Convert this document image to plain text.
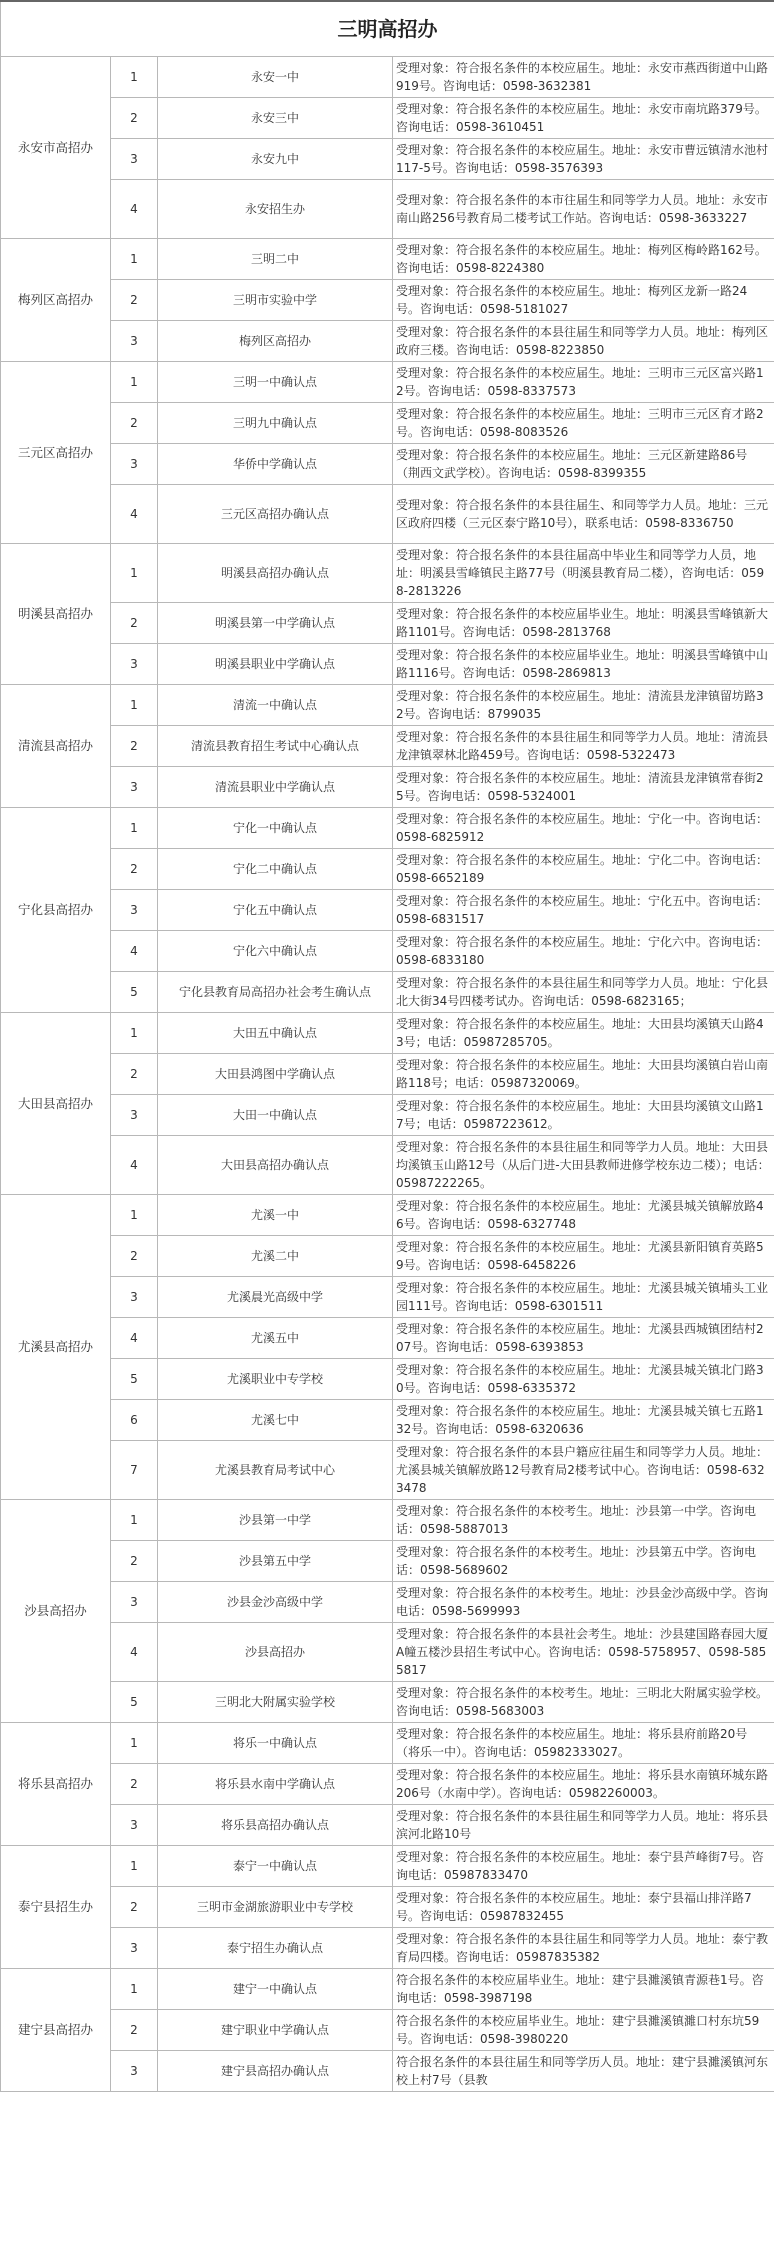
三明高招办			
永安市高招办	1	永安一中	受理对象：符合报名条件的本校应届生。地址：永安市燕西街道中山路919号。咨询电话：0598-3632381
	2	永安三中	受理对象：符合报名条件的本校应届生。地址：永安市南坑路379号。咨询电话：0598-3610451
	3	永安九中	受理对象：符合报名条件的本校应届生。地址：永安市曹远镇清水池村117-5号。咨询电话：0598-3576393
	4	永安招生办	受理对象：符合报名条件的本市往届生和同等学力人员。地址：永安市南山路256号教育局二楼考试工作站。咨询电话：0598-3633227
梅列区高招办	1	三明二中	受理对象：符合报名条件的本校应届生。地址：梅列区梅岭路162号。咨询电话：0598-8224380
	2	三明市实验中学	受理对象：符合报名条件的本校应届生。地址：梅列区龙新一路24号。咨询电话：0598-5181027
	3	梅列区高招办	受理对象：符合报名条件的本县往届生和同等学力人员。地址：梅列区政府三楼。咨询电话：0598-8223850
三元区高招办	1	三明一中确认点	受理对象：符合报名条件的本校应届生。地址：三明市三元区富兴路12号。咨询电话：0598-8337573
	2	三明九中确认点	受理对象：符合报名条件的本校应届生。地址：三明市三元区育才路2号。咨询电话：0598-8083526
	3	华侨中学确认点	受理对象：符合报名条件的本校应届生。地址：三元区新建路86号（荆西文武学校）。咨询电话：0598-8399355
	4	三元区高招办确认点	受理对象：符合报名条件的本县往届生、和同等学力人员。地址：三元区政府四楼（三元区泰宁路10号），联系电话：0598-8336750
明溪县高招办	1	明溪县高招办确认点	受理对象：符合报名条件的本县往届高中毕业生和同等学力人员，地址：明溪县雪峰镇民主路77号（明溪县教育局二楼），咨询电话：0598-2813226
	2	明溪县第一中学确认点	受理对象：符合报名条件的本校应届毕业生。地址：明溪县雪峰镇新大路1101号。咨询电话：0598-2813768
	3	明溪县职业中学确认点	受理对象：符合报名条件的本校应届毕业生。地址：明溪县雪峰镇中山路1116号。咨询电话：0598-2869813
清流县高招办	1	清流一中确认点	受理对象：符合报名条件的本校应届生。地址：清流县龙津镇留坊路32号。咨询电话：8799035
	2	清流县教育招生考试中心确认点	受理对象：符合报名条件的本县往届生和同等学力人员。地址：清流县龙津镇翠林北路459号。咨询电话：0598-5322473
	3	清流县职业中学确认点	受理对象：符合报名条件的本校应届生。地址：清流县龙津镇常春街25号。咨询电话：0598-5324001
宁化县高招办	1	宁化一中确认点	受理对象：符合报名条件的本校应届生。地址：宁化一中。咨询电话：0598-6825912
	2	宁化二中确认点	受理对象：符合报名条件的本校应届生。地址：宁化二中。咨询电话：0598-6652189
	3	宁化五中确认点	受理对象：符合报名条件的本校应届生。地址：宁化五中。咨询电话：0598-6831517
	4	宁化六中确认点	受理对象：符合报名条件的本校应届生。地址：宁化六中。咨询电话：0598-6833180
	5	宁化县教育局高招办社会考生确认点	受理对象：符合报名条件的本县往届生和同等学力人员。地址：宁化县北大街34号四楼考试办。咨询电话：0598-6823165；
大田县高招办	1	大田五中确认点	受理对象：符合报名条件的本校应届生。地址：大田县均溪镇天山路43号；电话：05987285705。
	2	大田县鸿图中学确认点	受理对象：符合报名条件的本校应届生。地址：大田县均溪镇白岩山南路118号；电话：05987320069。
	3	大田一中确认点	受理对象：符合报名条件的本校应届生。地址：大田县均溪镇文山路17号；电话：05987223612。
	4	大田县高招办确认点	受理对象：符合报名条件的本县往届生和同等学力人员。地址：大田县均溪镇玉山路12号（从后门进-大田县教师进修学校东边二楼）；电话：05987222265。
尤溪县高招办	1	尤溪一中	受理对象：符合报名条件的本校应届生。地址：尤溪县城关镇解放路46号。咨询电话：0598-6327748
	2	尤溪二中	受理对象：符合报名条件的本校应届生。地址：尤溪县新阳镇育英路59号。咨询电话：0598-6458226
	3	尤溪晨光高级中学	受理对象：符合报名条件的本校应届生。地址：尤溪县城关镇埔头工业园111号。咨询电话：0598-6301511
	4	尤溪五中	受理对象：符合报名条件的本校应届生。地址：尤溪县西城镇团结村207号。咨询电话：0598-6393853
	5	尤溪职业中专学校	受理对象：符合报名条件的本校应届生。地址：尤溪县城关镇北门路30号。咨询电话：0598-6335372
	6	尤溪七中	受理对象：符合报名条件的本校应届生。地址：尤溪县城关镇七五路132号。咨询电话：0598-6320636
	7	尤溪县教育局考试中心	受理对象：符合报名条件的本县户籍应往届生和同等学力人员。地址：尤溪县城关镇解放路12号教育局2楼考试中心。咨询电话：0598-6323478
沙县高招办	1	沙县第一中学	受理对象：符合报名条件的本校考生。地址：沙县第一中学。咨询电话：0598-5887013
	2	沙县第五中学	受理对象：符合报名条件的本校考生。地址：沙县第五中学。咨询电话：0598-5689602
	3	沙县金沙高级中学	受理对象：符合报名条件的本校考生。地址：沙县金沙高级中学。咨询电话：0598-5699993
	4	沙县高招办	受理对象：符合报名条件的本县社会考生。地址：沙县建国路春园大厦A幢五楼沙县招生考试中心。咨询电话：0598-5758957、0598-5855817
	5	三明北大附属实验学校	受理对象：符合报名条件的本校考生。地址：三明北大附属实验学校。咨询电话：0598-5683003
将乐县高招办	1	将乐一中确认点	受理对象：符合报名条件的本校应届生。地址：将乐县府前路20号（将乐一中）。咨询电话：05982333027。
	2	将乐县水南中学确认点	受理对象：符合报名条件的本校应届生。地址：将乐县水南镇环城东路206号（水南中学）。咨询电话：05982260003。
	3	将乐县高招办确认点	受理对象：符合报名条件的本县往届生和同等学力人员。地址：将乐县滨河北路10号
泰宁县招生办	1	泰宁一中确认点	受理对象：符合报名条件的本校应届生。地址：泰宁县芦峰街7号。咨询电话：05987833470
	2	三明市金湖旅游职业中专学校	受理对象：符合报名条件的本校应届生。地址：泰宁县福山排洋路7号。咨询电话：05987832455
	3	泰宁招生办确认点	受理对象：符合报名条件的本县往届生和同等学力人员。地址：泰宁教育局四楼。咨询电话：05987835382
建宁县高招办	1	建宁一中确认点	符合报名条件的本校应届毕业生。地址：建宁县濉溪镇青源巷1号。咨询电话：0598-3987198
	2	建宁职业中学确认点	符合报名条件的本校应届毕业生。地址：建宁县濉溪镇濉口村东坑59号。咨询电话：0598-3980220
	3	建宁县高招办确认点	符合报名条件的本县往届生和同等学历人员。地址：建宁县濉溪镇河东校上村7号（县教
